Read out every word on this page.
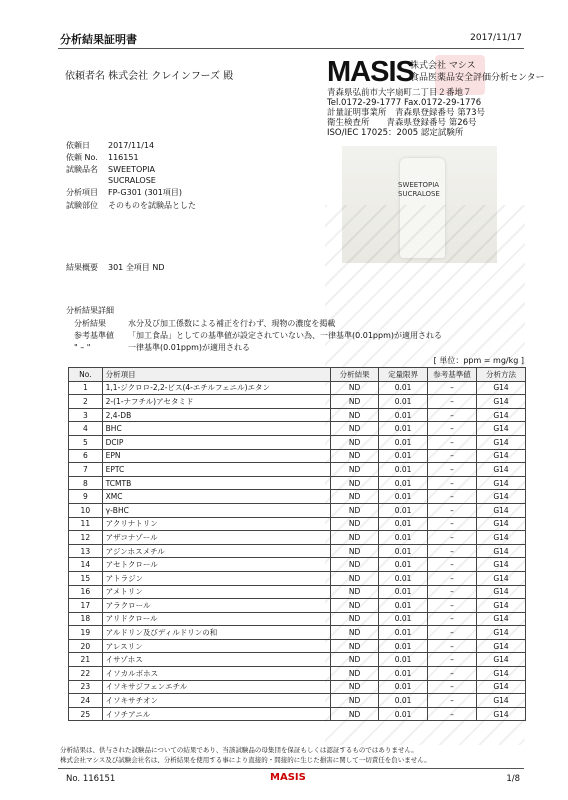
分析結果証明書	2017/11/17
依頼者名 株式会社 クレインフーズ 殿	MASIS
株式会社 マシス
食品医薬品安全評価分析センター
青森県弘前市大字扇町二丁目２番地７
Tel.0172-29-1777 Fax.0172-29-1776
計量証明事業所　 青森県登録番号 第73号
衛生検査所　　 青森県登録番号 第26号
ISO/IEC 17025：2005 認定試験所
依頼日 2017/11/14
依頼 No. 116151
試験品名 SWEETOPIA
SUCRALOSE
分析項目 FP-G301 (301項目)
試験部位 そのものを試験品とした
SWEETOPIA
SUCRALOSE
結果概要 301 全項目 ND
分析結果詳細
分析結果	水分及び加工係数による補正を行わず、現物の濃度を掲載
参考基準値 「加工食品」としての基準値が設定されていない為、一律基準(0.01ppm)が適用される
" – "	一律基準(0.01ppm)が適用される
[ 単位：ppm = mg/kg ]
No.	分析項目	分析結果	定量限界	参考基準値	分析方法
1	1,1-ジクロロ-2,2-ビス(4-エチルフェニル)エタン	ND	0.01	–	G14
2	2-(1-ナフチル)アセタミド	ND	0.01	–	G14
3	2,4-DB	ND	0.01	–	G14
4	BHC	ND	0.01	–	G14
5	DCIP	ND	0.01	–	G14
6	EPN	ND	0.01	–	G14
7	EPTC	ND	0.01	–	G14
8	TCMTB	ND	0.01	–	G14
9	XMC	ND	0.01	–	G14
10	γ-BHC	ND	0.01	–	G14
11	アクリナトリン	ND	0.01	–	G14
12	アザコナゾール	ND	0.01	–	G14
13	アジンホスメチル	ND	0.01	–	G14
14	アセトクロール	ND	0.01	–	G14
15	アトラジン	ND	0.01	–	G14
16	アメトリン	ND	0.01	–	G14
17	アラクロール	ND	0.01	–	G14
18	アリドクロール	ND	0.01	–	G14
19	アルドリン及びディルドリンの和	ND	0.01	–	G14
20	アレスリン	ND	0.01	–	G14
21	イサゾホス	ND	0.01	–	G14
22	イソカルボホス	ND	0.01	–	G14
23	イソキサジフェンエチル	ND	0.01	–	G14
24	イソキサチオン	ND	0.01	–	G14
25	イソチアニル	ND	0.01	–	G14
分析結果は、供与された試験品についての結果であり、当該試験品の母集団を保証もしくは認証するものではありません。
株式会社マシス及び試験会社名は、分析結果を使用する事により直接的・間接的に生じた損害に関して一切責任を負いません。
No. 116151	MASIS	1/8
